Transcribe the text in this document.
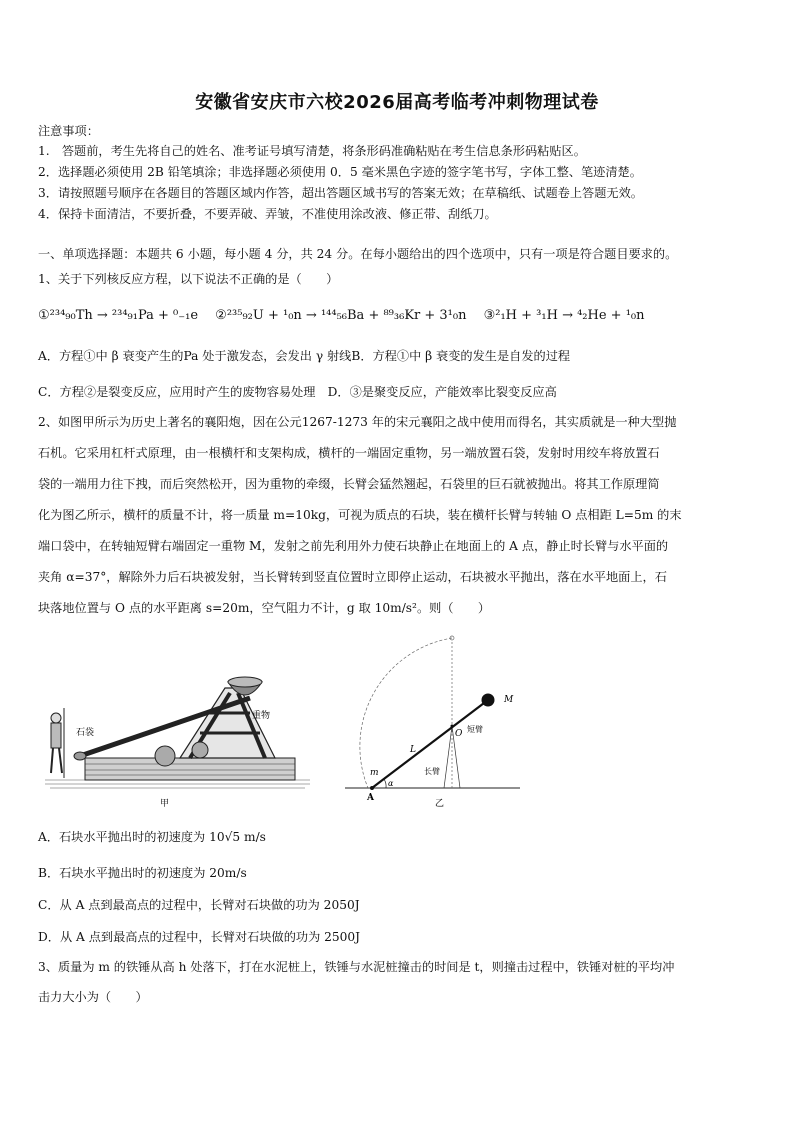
安徽省安庆市六校2026届高考临考冲刺物理试卷
注意事项：
1.　答题前，考生先将自己的姓名、准考证号填写清楚，将条形码准确粘贴在考生信息条形码粘贴区。
2．选择题必须使用 2B 铅笔填涂；非选择题必须使用 0．5 毫米黑色字迹的签字笔书写，字体工整、笔迹清楚。
3．请按照题号顺序在各题目的答题区域内作答，超出答题区域书写的答案无效；在草稿纸、试题卷上答题无效。
4．保持卡面清洁，不要折叠，不要弄破、弄皱，不准使用涂改液、修正带、刮纸刀。
一、单项选择题：本题共 6 小题，每小题 4 分，共 24 分。在每小题给出的四个选项中，只有一项是符合题目要求的。
1、关于下列核反应方程，以下说法不正确的是（　　）
①²³⁴₉₀Th → ²³⁴₉₁Pa + ⁰₋₁e　 ②²³⁵₉₂U + ¹₀n → ¹⁴⁴₅₆Ba + ⁸⁹₃₆Kr + 3¹₀n　 ③²₁H + ³₁H → ⁴₂He + ¹₀n
A．方程①中 β 衰变产生的Pa 处于激发态，会发出 γ 射线B．方程①中 β 衰变的发生是自发的过程
C．方程②是裂变反应，应用时产生的废物容易处理　D．③是聚变反应，产能效率比裂变反应高
2、如图甲所示为历史上著名的襄阳炮，因在公元1267-1273 年的宋元襄阳之战中使用而得名，其实质就是一种大型抛
石机。它采用杠杆式原理，由一根横杆和支架构成，横杆的一端固定重物，另一端放置石袋，发射时用绞车将放置石
袋的一端用力往下拽，而后突然松开，因为重物的牵缀，长臂会猛然翘起，石袋里的巨石就被抛出。将其工作原理简
化为图乙所示，横杆的质量不计，将一质量 m=10kg，可视为质点的石块，装在横杆长臂与转轴 O 点相距 L=5m 的末
端口袋中，在转轴短臂右端固定一重物 M，发射之前先利用外力使石块静止在地面上的 A 点，静止时长臂与水平面的
夹角 α=37°，解除外力后石块被发射，当长臂转到竖直位置时立即停止运动，石块被水平抛出，落在水平地面上，石
块落地位置与 O 点的水平距离 s=20m，空气阻力不计，g 取 10m/s²。则（　　）
石袋
重物
甲
M
O 短臂
L
长臂
m
α
A
乙
A．石块水平抛出时的初速度为 10√5 m/s
B．石块水平抛出时的初速度为 20m/s
C．从 A 点到最高点的过程中，长臂对石块做的功为 2050J
D．从 A 点到最高点的过程中，长臂对石块做的功为 2500J
3、质量为 m 的铁锤从高 h 处落下，打在水泥桩上，铁锤与水泥桩撞击的时间是 t，则撞击过程中，铁锤对桩的平均冲
击力大小为（　　）
